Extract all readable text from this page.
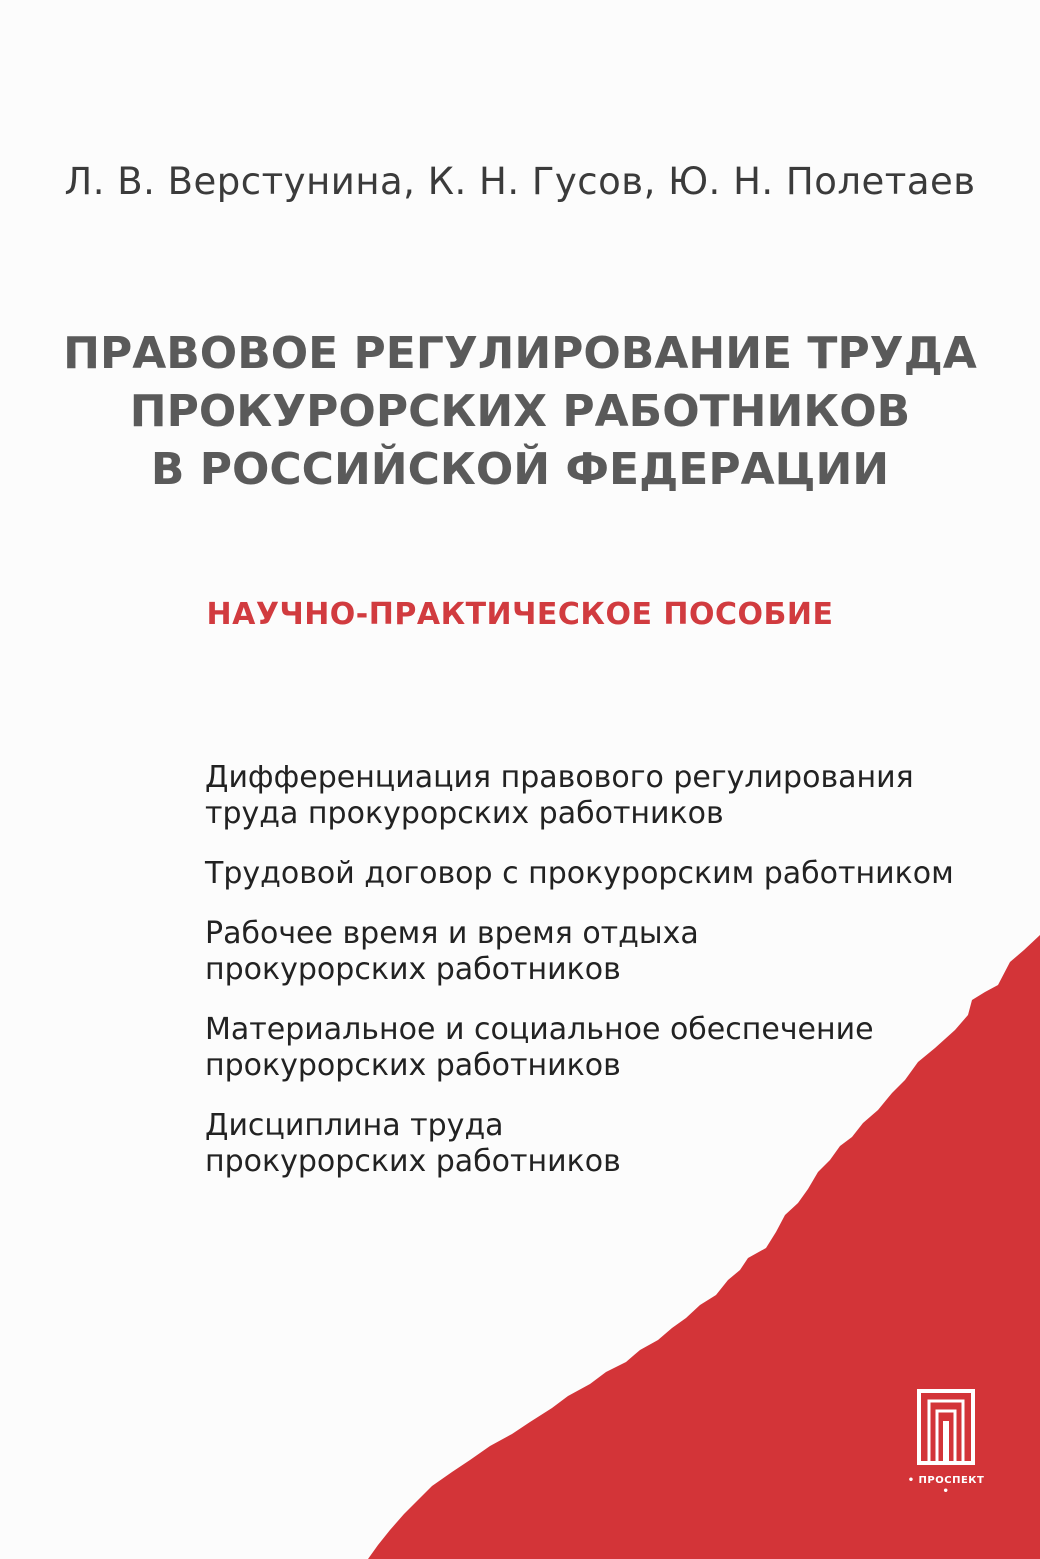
Л. В. Верстунина, К. Н. Гусов, Ю. Н. Полетаев
ПРАВОВОЕ РЕГУЛИРОВАНИЕ ТРУДА
ПРОКУРОРСКИХ РАБОТНИКОВ
В РОССИЙСКОЙ ФЕДЕРАЦИИ
НАУЧНО-ПРАКТИЧЕСКОЕ ПОСОБИЕ
Дифференциация правового регулирования
труда прокурорских работников
Трудовой договор с прокурорским работником
Рабочее время и время отдыха
прокурорских работников
Материальное и социальное обеспечение
прокурорских работников
Дисциплина труда
прокурорских работников
• ПРОСПЕКТ •
